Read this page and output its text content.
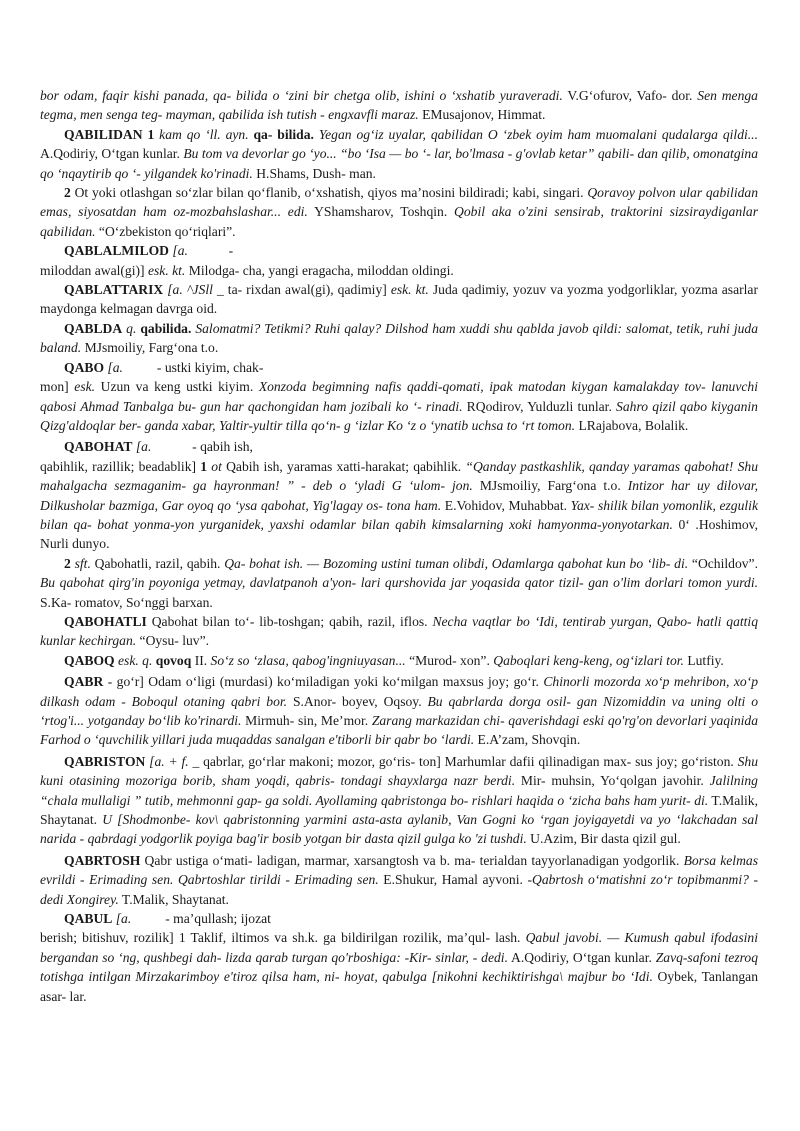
bor odam, faqir kishi panada, qa- bilida o ‘zini bir chetga olib, ishini o ‘xshatib yuraveradi. V.G‘ofurov, Vafo- dor. Sen menga tegma, men senga teg- mayman, qabilida ish tutish - engxavfli maraz. EMusajonov, Himmat.

QABILIDAN 1 kam qo ‘ll. ayn. qa- bilida. Yegan og‘iz uyalar, qabilidan O ‘zbek oyim ham muomalani qudalarga qildi... A.Qodiriy, O‘tgan kunlar. Bu tom va devorlar go ‘yo... “bo ‘Isa — bo ‘- lar, bo'lmasa - g'ovlab ketar” qabili- dan qilib, omonatgina qo ‘nqaytirib qo ‘- yilgandek ko'rinadi. H.Shams, Dush- man.

2 Ot yoki otlashgan so‘zlar bilan qo‘flanib, o‘xshatish, qiyos ma’nosini bildiradi; kabi, singari. Qoravoy polvon ular qabilidan emas, siyosatdan ham oz-mozbahslashar... edi. YShamsharov, Toshqin. Qobil aka o'zini sensirab, traktorini sizsiraydiganlar qabilidan. “O‘zbekiston qo‘riqlari”.

QABLALMILOD [a.            -

miloddan awal(gi)] esk. kt. Milodga- cha, yangi eragacha, miloddan oldingi.

QABLATTARIX [a. ^JSll _ ta- rixdan awal(gi), qadimiy] esk. kt. Juda qadimiy, yozuv va yozma yodgorliklar, yozma asarlar maydonga kelmagan davrga oid.

QABLDA q. qabilida. Salomatmi? Tetikmi? Ruhi qalay? Dilshod ham xuddi shu qablda javob qildi: salomat, tetik, ruhi juda baland. MJsmoiliy, Farg‘ona t.o.

QABO [a.          - ustki kiyim, chak-

mon] esk. Uzun va keng ustki kiyim. Xonzoda begimning nafis qaddi-qomati, ipak matodan kiygan kamalakday tov- lanuvchi qabosi Ahmad Tanbalga bu- gun har qachongidan ham jozibali ko ‘- rinadi. RQodirov, Yulduzli tunlar. Sahro qizil qabo kiyganin Qizg'aldoqlar ber- ganda xabar, Yaltir-yultir tilla qo‘n- g ‘izlar Ko ‘z o ‘ynatib uchsa to ‘rt tomon. LRajabova, Bolalik.

QABOHAT [a.            - qabih ish,

qabihlik, razillik; beadablik] 1 ot Qabih ish, yaramas xatti-harakat; qabihlik. “Qanday pastkashlik, qanday yaramas qabohat! Shu mahalgacha sezmaganim- ga hayronman! ” - deb o ‘yladi G ‘ulom- jon. MJsmoiliy, Farg‘ona t.o. Intizor har uy dilovar, Dilkusholar bazmiga, Gar oyoq qo ‘ysa qabohat, Yig'lagay os- tona ham. E.Vohidov, Muhabbat. Yax- shilik bilan yomonlik, ezgulik bilan qa- bohat yonma-yon yurganidek, yaxshi odamlar bilan qabih kimsalarning xoki hamyonma-yonyotarkan. 0‘ .Hoshimov, Nurli dunyo.

2 sft. Qabohatli, razil, qabih. Qa- bohat ish. — Bozoming ustini tuman olibdi, Odamlarga qabohat kun bo ‘lib- di. “Ochildov”. Bu qabohat qirg'in poyoniga yetmay, davlatpanoh a'yon- lari qurshovida jar yoqasida qator tizil- gan o'lim dorlari tomon yurdi. S.Ka- romatov, So‘nggi barxan.

QABOHATLI Qabohat bilan to‘- lib-toshgan; qabih, razil, iflos. Necha vaqtlar bo ‘Idi, tentirab yurgan, Qabo- hatli qattiq kunlar kechirgan. “Oysu- luv”.

QABOQ esk. q. qovoq II. So‘z so ‘zlasa, qabog'ingniuyasan... “Murod- xon”. Qaboqlari keng-keng, og‘izlari tor. Lutfiy.

QABR - go‘r] Odam o‘ligi (murdasi) ko‘miladigan yoki ko‘milgan maxsus joy; go‘r. Chinorli mozorda xo‘p mehribon, xo‘p dilkash odam - Boboqul otaning qabri bor. S.Anor- boyev, Oqsoy. Bu qabrlarda dorga osil- gan Nizomiddin va uning olti o ‘rtog'i... yotganday bo‘lib ko'rinardi. Mirmuh- sin, Me’mor. Zarang markazidan chi- qaverishdagi eski qo'rg'on devorlari yaqinida Farhod o ‘quvchilik yillari juda muqaddas sanalgan e'tiborli bir qabr bo ‘lardi. E.A’zam, Shovqin.

QABRISTON [a. + f. _ qabrlar, go‘rlar makoni; mozor, go‘ris- ton] Marhumlar dafii qilinadigan max- sus joy; go‘riston. Shu kuni otasining mozoriga borib, sham yoqdi, qabris- tondagi shayxlarga nazr berdi. Mir- muhsin, Yo‘qolgan javohir. Jalilning “chala mullaligi ” tutib, mehmonni gap- ga soldi. Ayollaming qabristonga bo- rishlari haqida o ‘zicha bahs ham yurit- di. T.Malik, Shaytanat. U [Shodmonbe- kov\ qabristonning yarmini asta-asta aylanib, Van Gogni ko ‘rgan joyigayetdi va yo ‘lakchadan sal narida - qabrdagi yodgorlik poyiga bag'ir bosib yotgan bir dasta qizil gulga ko 'zi tushdi. U.Azim, Bir dasta qizil gul.

QABRTOSH Qabr ustiga o‘mati- ladigan, marmar, xarsangtosh va b. ma- terialdan tayyorlanadigan yodgorlik. Borsa kelmas evrildi - Erimading sen. Qabrtoshlar tirildi - Erimading sen. E.Shukur, Hamal ayvoni. -Qabrtosh o‘matishni zo‘r topibmanmi? - dedi Xongirey. T.Malik, Shaytanat.

QABUL [a.          - ma’qullash; ijozat

berish; bitishuv, rozilik] 1 Taklif, iltimos va sh.k. ga bildirilgan rozilik, ma’qul- lash. Qabul javobi. — Kumush qabul ifodasini bergandan so ‘ng, qushbegi dah- lizda qarab turgan qo'rboshiga: -Kir- sinlar, - dedi. A.Qodiriy, O‘tgan kunlar. Zavq-safoni tezroq totishga intilgan Mirzakarimboy e'tiroz qilsa ham, ni- hoyat, qabulga [nikohni kechiktirishga\ majbur bo ‘Idi. Oybek, Tanlangan asar- lar.
